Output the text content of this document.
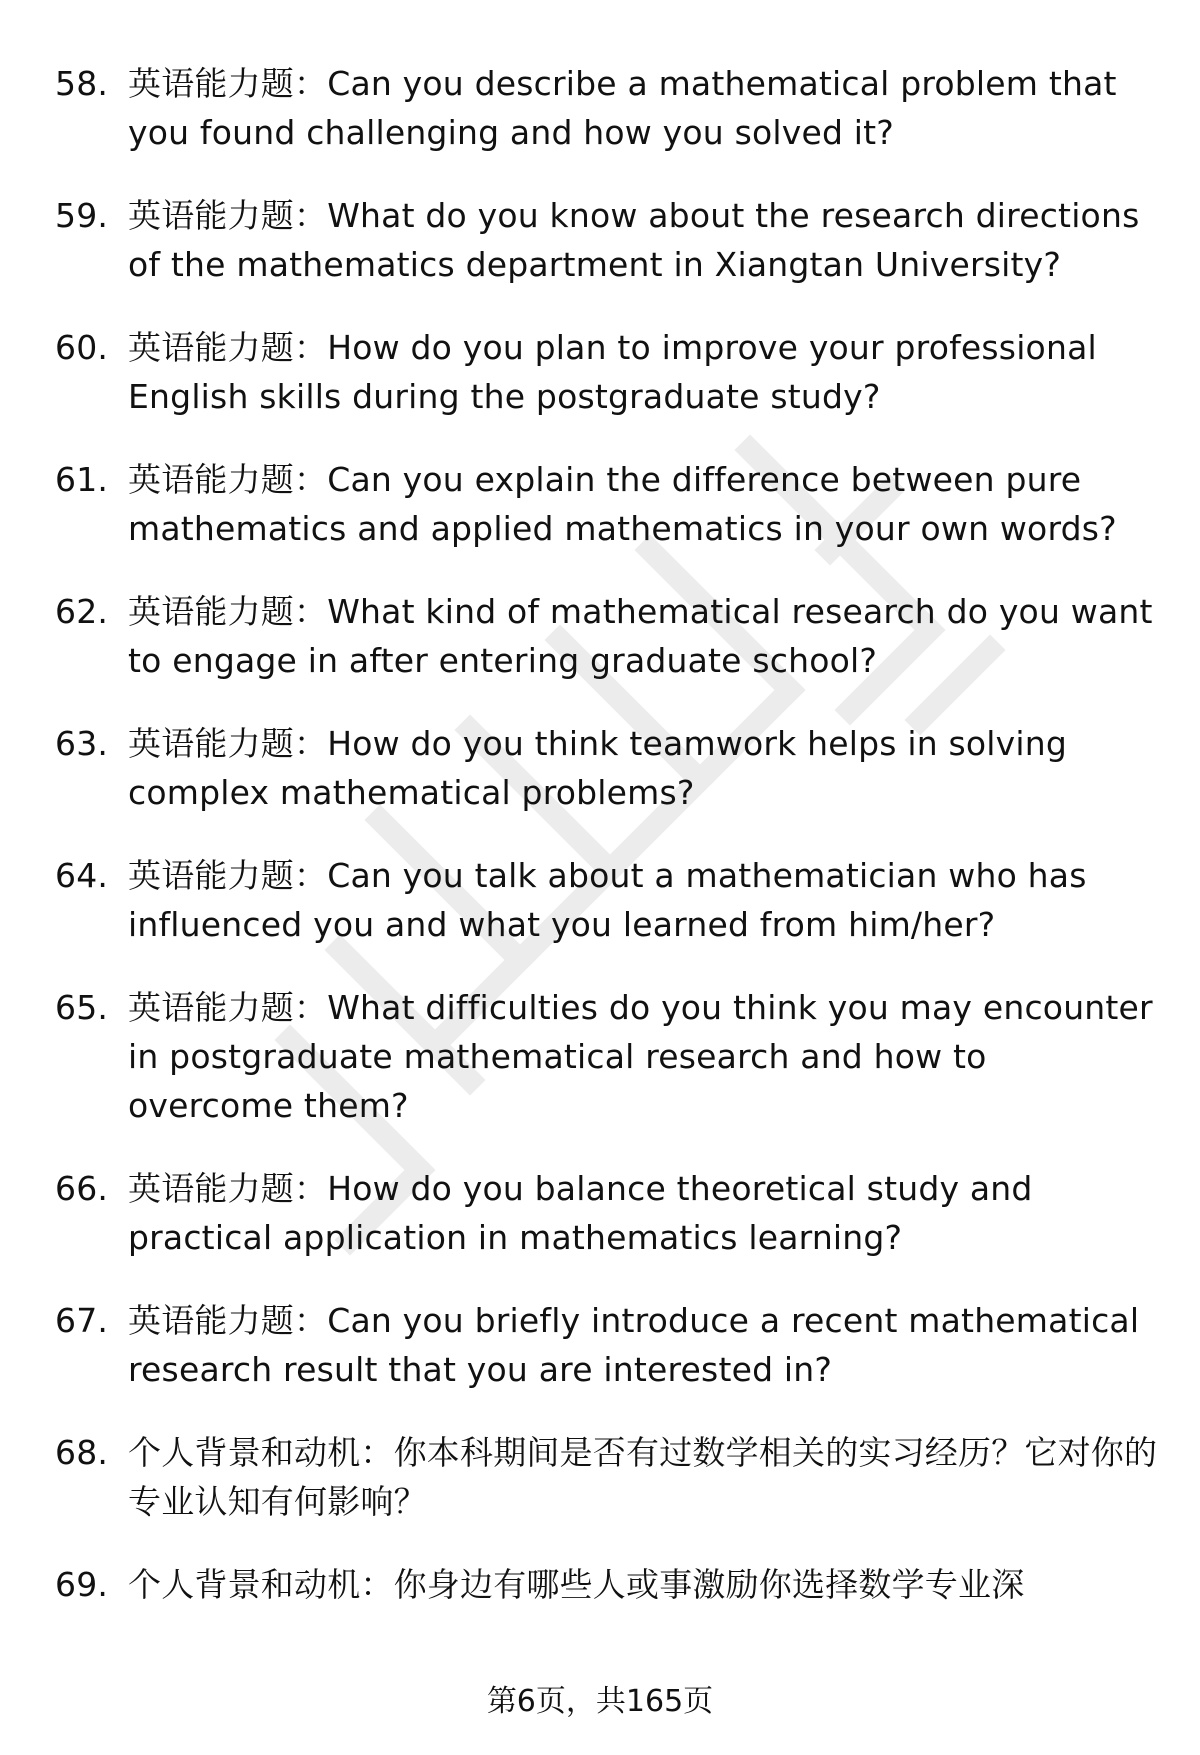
58. 英语能力题：Can you describe a mathematical problem that you found challenging and how you solved it?
59. 英语能力题：What do you know about the research directions of the mathematics department in Xiangtan University?
60. 英语能力题：How do you plan to improve your professional English skills during the postgraduate study?
61. 英语能力题：Can you explain the difference between pure mathematics and applied mathematics in your own words?
62. 英语能力题：What kind of mathematical research do you want to engage in after entering graduate school?
63. 英语能力题：How do you think teamwork helps in solving complex mathematical problems?
64. 英语能力题：Can you talk about a mathematician who has influenced you and what you learned from him/her?
65. 英语能力题：What difficulties do you think you may encounter in postgraduate mathematical research and how to overcome them?
66. 英语能力题：How do you balance theoretical study and practical application in mathematics learning?
67. 英语能力题：Can you briefly introduce a recent mathematical research result that you are interested in?
68. 个人背景和动机：你本科期间是否有过数学相关的实习经历？它对你的专业认知有何影响？
69. 个人背景和动机：你身边有哪些人或事激励你选择数学专业深
第6页，共165页
